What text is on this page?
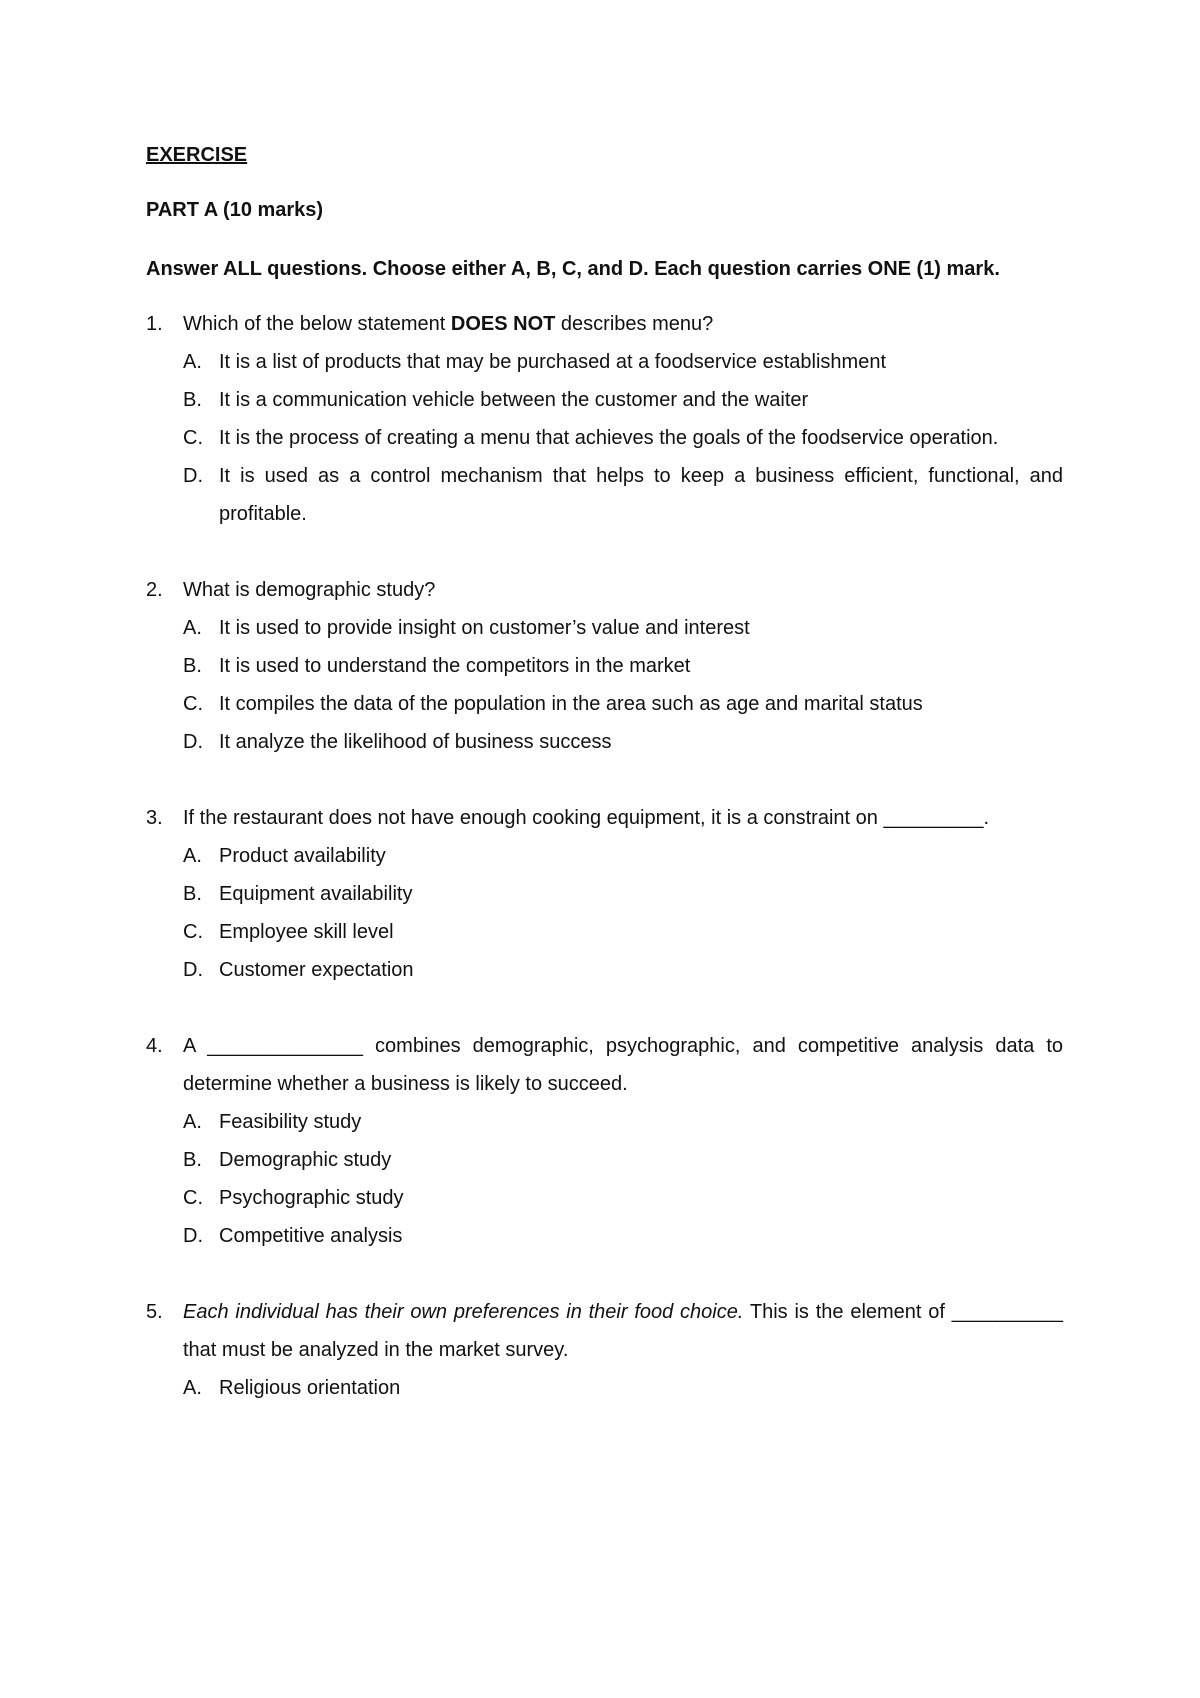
EXERCISE
PART A (10 marks)
Answer ALL questions. Choose either A, B, C, and D. Each question carries ONE (1) mark.
1.	Which of the below statement DOES NOT describes menu?
A. It is a list of products that may be purchased at a foodservice establishment
B. It is a communication vehicle between the customer and the waiter
C. It is the process of creating a menu that achieves the goals of the foodservice operation.
D. It is used as a control mechanism that helps to keep a business efficient, functional, and profitable.
2.	What is demographic study?
A. It is used to provide insight on customer’s value and interest
B. It is used to understand the competitors in the market
C. It compiles the data of the population in the area such as age and marital status
D. It analyze the likelihood of business success
3.	If the restaurant does not have enough cooking equipment, it is a constraint on _________.
A. Product availability
B. Equipment availability
C. Employee skill level
D. Customer expectation
4.	A ______________ combines demographic, psychographic, and competitive analysis data to determine whether a business is likely to succeed.
A. Feasibility study
B. Demographic study
C. Psychographic study
D. Competitive analysis
5.	Each individual has their own preferences in their food choice. This is the element of __________ that must be analyzed in the market survey.
A. Religious orientation
